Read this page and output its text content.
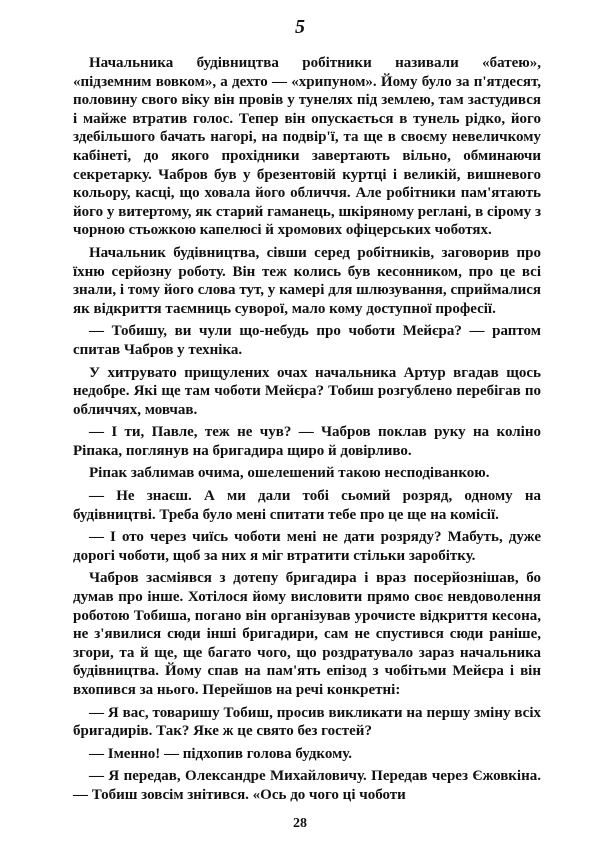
5

Начальника будівництва робітники називали «батею», «підземним вовком», а дехто — «хрипуном». Йому було за п'ятдесят, половину свого віку він провів у тунелях під землею, там застудився і майже втратив голос. Тепер він опускається в тунель рідко, його здебільшого бачать нагорі, на подвір'ї, та ще в своєму невеличкому кабінеті, до якого прохідники завертають вільно, обминаючи секретарку. Чабров був у брезентовій куртці і великій, вишневого кольору, касці, що ховала його обличчя. Але робітники пам'ятають його у витертому, як старий гаманець, шкіряному реглані, в сірому з чорною стьожкою капелюсі й хромових офіцерських чоботях.

Начальник будівництва, сівши серед робітників, заговорив про їхню серйозну роботу. Він теж колись був кесонником, про це всі знали, і тому його слова тут, у камері для шлюзування, сприймалися як відкриття таємниць суворої, мало кому доступної професії.

— Тобишу, ви чули що-небудь про чоботи Мейєра? — раптом спитав Чабров у техніка.

У хитрувато прищулених очах начальника Артур вгадав щось недобре. Які ще там чоботи Мейєра? Тобиш розгублено перебігав по обличчях, мовчав.

— І ти, Павле, теж не чув? — Чабров поклав руку на коліно Ріпака, поглянув на бригадира щиро й довірливо.

Ріпак заблимав очима, ошелешений такою несподіванкою.

— Не знаєш. А ми дали тобі сьомий розряд, одному на будівництві. Треба було мені спитати тебе про це ще на комісії.

— І ото через чиїсь чоботи мені не дати розряду? Мабуть, дуже дорогі чоботи, щоб за них я міг втратити стільки заробітку.

Чабров засміявся з дотепу бригадира і враз посерйознішав, бо думав про інше. Хотілося йому висловити прямо своє невдоволення роботою Тобиша, погано він організував урочисте відкриття кесона, не з'явилися сюди інші бригадири, сам не спустився сюди раніше, згори, та й ще, ще багато чого, що роздратувало зараз начальника будівництва. Йому спав на пам'ять епізод з чобітьми Мейєра і він вхопився за нього. Перейшов на речі конкретні:

— Я вас, товаришу Тобиш, просив викликати на першу зміну всіх бригадирів. Так? Яке ж це свято без гостей?

— Іменно! — підхопив голова будкому.

— Я передав, Олександре Михайловичу. Передав через Єжовкіна.— Тобиш зовсім знітився. «Ось до чого ці чоботи

28
